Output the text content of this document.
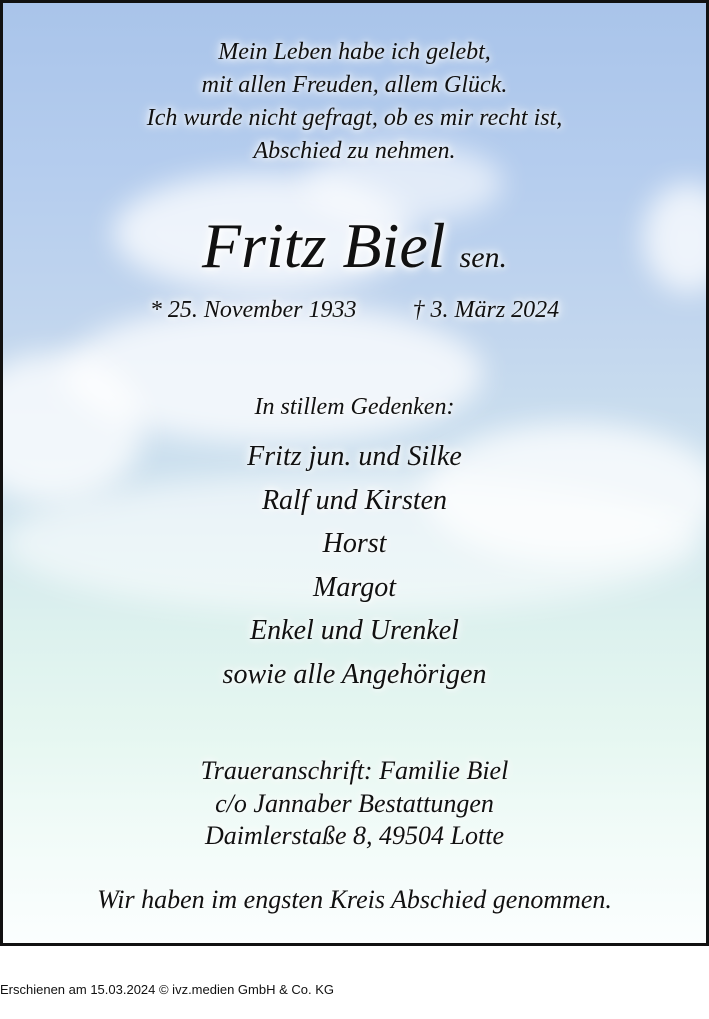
Mein Leben habe ich gelebt,
mit allen Freuden, allem Glück.
Ich wurde nicht gefragt, ob es mir recht ist,
Abschied zu nehmen.
Fritz Biel sen.
* 25. November 1933 † 3. März 2024
In stillem Gedenken:
Fritz jun. und Silke
Ralf und Kirsten
Horst
Margot
Enkel und Urenkel
sowie alle Angehörigen
Traueranschrift: Familie Biel
c/o Jannaber Bestattungen
Daimlerstaße 8, 49504 Lotte
Wir haben im engsten Kreis Abschied genommen.
Erschienen am 15.03.2024 © ivz.medien GmbH & Co. KG
